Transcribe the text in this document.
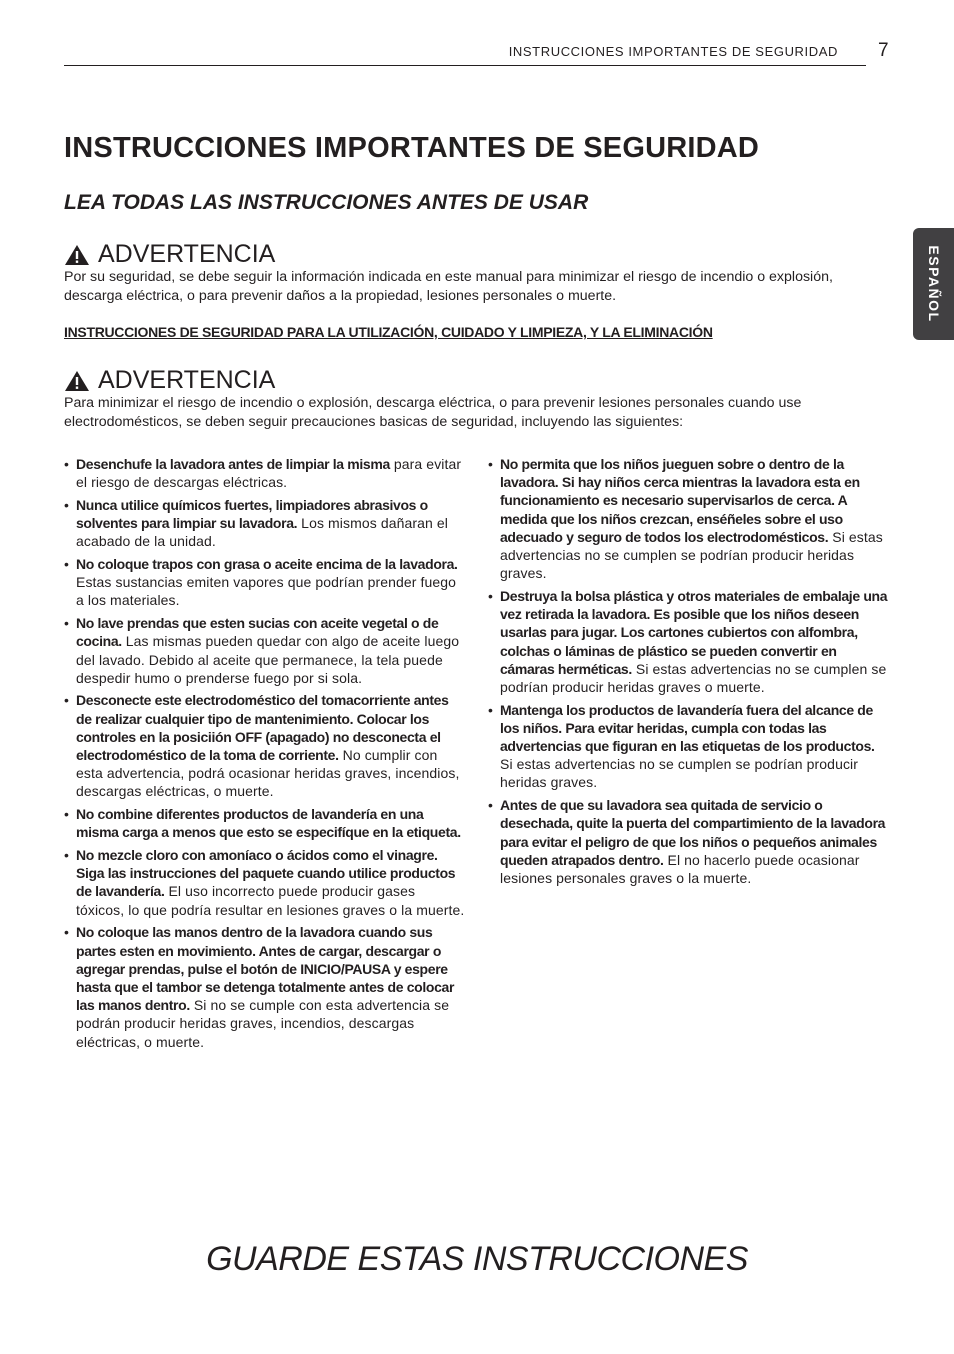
INSTRUCCIONES IMPORTANTES DE SEGURIDAD 7
ESPAÑOL
INSTRUCCIONES IMPORTANTES DE SEGURIDAD
LEA TODAS LAS INSTRUCCIONES ANTES DE USAR
ADVERTENCIA
Por su seguridad, se debe seguir la información indicada en este manual para minimizar el riesgo de incendio o explosión, descarga eléctrica, o para prevenir daños a la propiedad, lesiones personales o muerte.
INSTRUCCIONES DE SEGURIDAD PARA LA UTILIZACIÓN, CUIDADO Y LIMPIEZA, Y LA ELIMINACIÓN
ADVERTENCIA
Para minimizar el riesgo de incendio o explosión, descarga eléctrica, o para prevenir lesiones personales cuando use electrodomésticos, se deben seguir precauciones basicas de seguridad, incluyendo las siguientes:
• Desenchufe la lavadora antes de limpiar la misma para evitar el riesgo de descargas eléctricas.
• Nunca utilice químicos fuertes, limpiadores abrasivos o solventes para limpiar su lavadora. Los mismos dañaran el acabado de la unidad.
• No coloque trapos con grasa o aceite encima de la lavadora. Estas sustancias emiten vapores que podrían prender fuego a los materiales.
• No lave prendas que esten sucias con aceite vegetal o de cocina. Las mismas pueden quedar con algo de aceite luego del lavado. Debido al aceite que permanece, la tela puede despedir humo o prenderse fuego por si sola.
• Desconecte este electrodoméstico del tomacorriente antes de realizar cualquier tipo de mantenimiento. Colocar los controles en la posiciión OFF (apagado) no desconecta el electrodoméstico de la toma de corriente. No cumplir con esta advertencia, podrá ocasionar heridas graves, incendios, descargas eléctricas, o muerte.
• No combine diferentes productos de lavandería en una misma carga a menos que esto se especifíque en la etiqueta.
• No mezcle cloro con amoníaco o ácidos como el vinagre. Siga las instrucciones del paquete cuando utilice productos de lavandería. El uso incorrecto puede producir gases tóxicos, lo que podría resultar en lesiones graves o la muerte.
• No coloque las manos dentro de la lavadora cuando sus partes esten en movimiento. Antes de cargar, descargar o agregar prendas, pulse el botón de INICIO/PAUSA y espere hasta que el tambor se detenga totalmente antes de colocar las manos dentro. Si no se cumple con esta advertencia se podrán producir heridas graves, incendios, descargas eléctricas, o muerte.
• No permita que los niños jueguen sobre o dentro de la lavadora. Si hay niños cerca mientras la lavadora esta en funcionamiento es necesario supervisarlos de cerca. A medida que los niños crezcan, enséñeles sobre el uso adecuado y seguro de todos los electrodomésticos. Si estas advertencias no se cumplen se podrían producir heridas graves.
• Destruya la bolsa plástica y otros materiales de embalaje una vez retirada la lavadora. Es posible que los niños deseen usarlas para jugar. Los cartones cubiertos con alfombra, colchas o láminas de plástico se pueden convertir en cámaras herméticas. Si estas advertencias no se cumplen se podrían producir heridas graves o muerte.
• Mantenga los productos de lavandería fuera del alcance de los niños. Para evitar heridas, cumpla con todas las advertencias que figuran en las etiquetas de los productos. Si estas advertencias no se cumplen se podrían producir heridas graves.
• Antes de que su lavadora sea quitada de servicio o desechada, quite la puerta del compartimiento de la lavadora para evitar el peligro de que los niños o pequeños animales queden atrapados dentro. El no hacerlo puede ocasionar lesiones personales graves o la muerte.
GUARDE ESTAS INSTRUCCIONES
